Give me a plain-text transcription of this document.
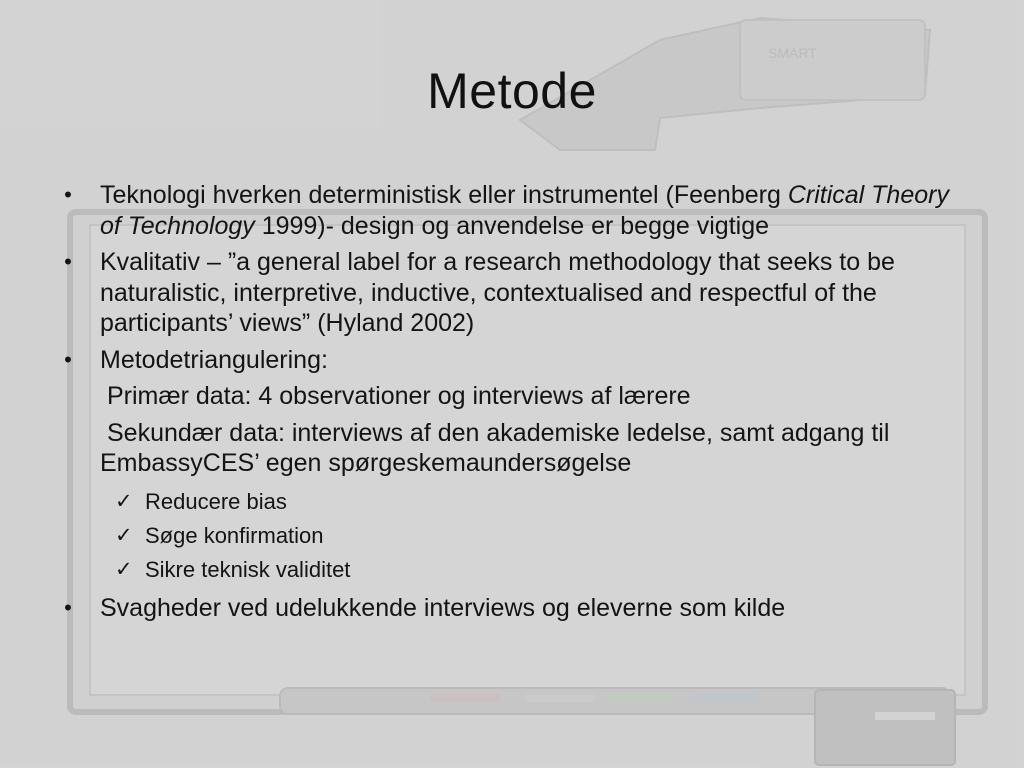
Metode
• Teknologi hverken deterministisk eller instrumentel (Feenberg Critical Theory of Technology 1999)- design og anvendelse er begge vigtige
• Kvalitativ – ”a general label for a research methodology that seeks to be naturalistic, interpretive, inductive, contextualised and respectful of the participants’ views” (Hyland 2002)
• Metodetriangulering:
Primær data: 4 observationer og interviews af lærere
Sekundær data: interviews af den akademiske ledelse, samt adgang til EmbassyCES’ egen spørgeskemaundersøgelse
✓ Reducere bias
✓ Søge konfirmation
✓ Sikre teknisk validitet
• Svagheder ved udelukkende interviews og eleverne som kilde
